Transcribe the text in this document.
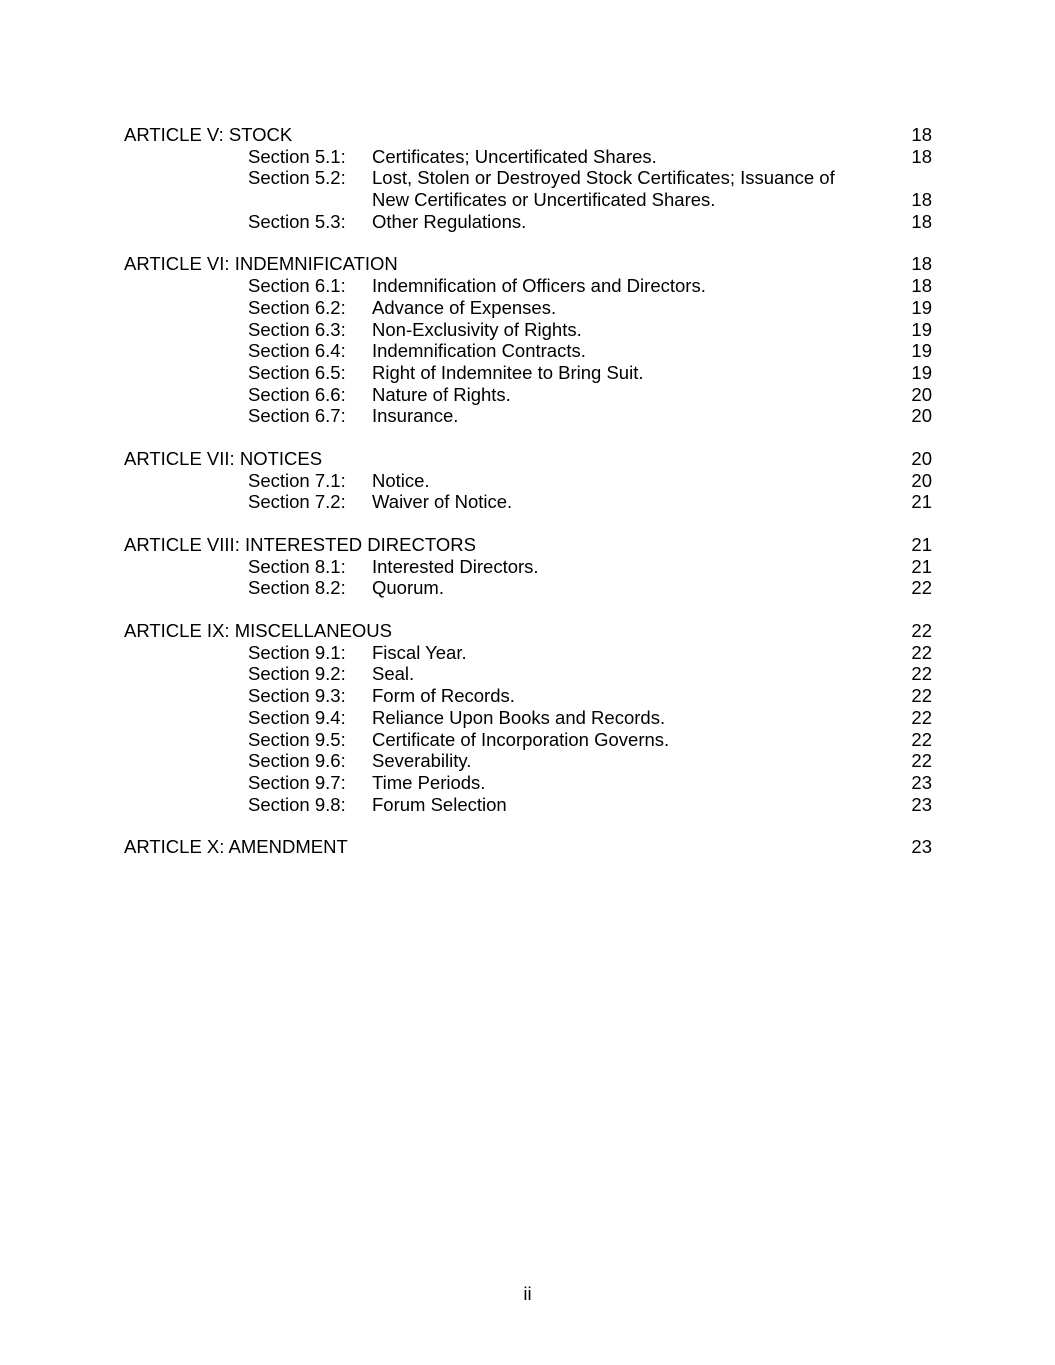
ARTICLE V: STOCK	18
Section 5.1:	Certificates; Uncertificated Shares.	18
Section 5.2:	Lost, Stolen or Destroyed Stock Certificates; Issuance of
New Certificates or Uncertificated Shares.	18
Section 5.3:	Other Regulations.	18
ARTICLE VI: INDEMNIFICATION	18
Section 6.1:	Indemnification of Officers and Directors.	18
Section 6.2:	Advance of Expenses.	19
Section 6.3:	Non-Exclusivity of Rights.	19
Section 6.4:	Indemnification Contracts.	19
Section 6.5:	Right of Indemnitee to Bring Suit.	19
Section 6.6:	Nature of Rights.	20
Section 6.7:	Insurance.	20
ARTICLE VII: NOTICES	20
Section 7.1:	Notice.	20
Section 7.2:	Waiver of Notice.	21
ARTICLE VIII: INTERESTED DIRECTORS	21
Section 8.1:	Interested Directors.	21
Section 8.2:	Quorum.	22
ARTICLE IX: MISCELLANEOUS	22
Section 9.1:	Fiscal Year.	22
Section 9.2:	Seal.	22
Section 9.3:	Form of Records.	22
Section 9.4:	Reliance Upon Books and Records.	22
Section 9.5:	Certificate of Incorporation Governs.	22
Section 9.6:	Severability.	22
Section 9.7:	Time Periods.	23
Section 9.8:	Forum Selection	23
ARTICLE X: AMENDMENT	23
ii
